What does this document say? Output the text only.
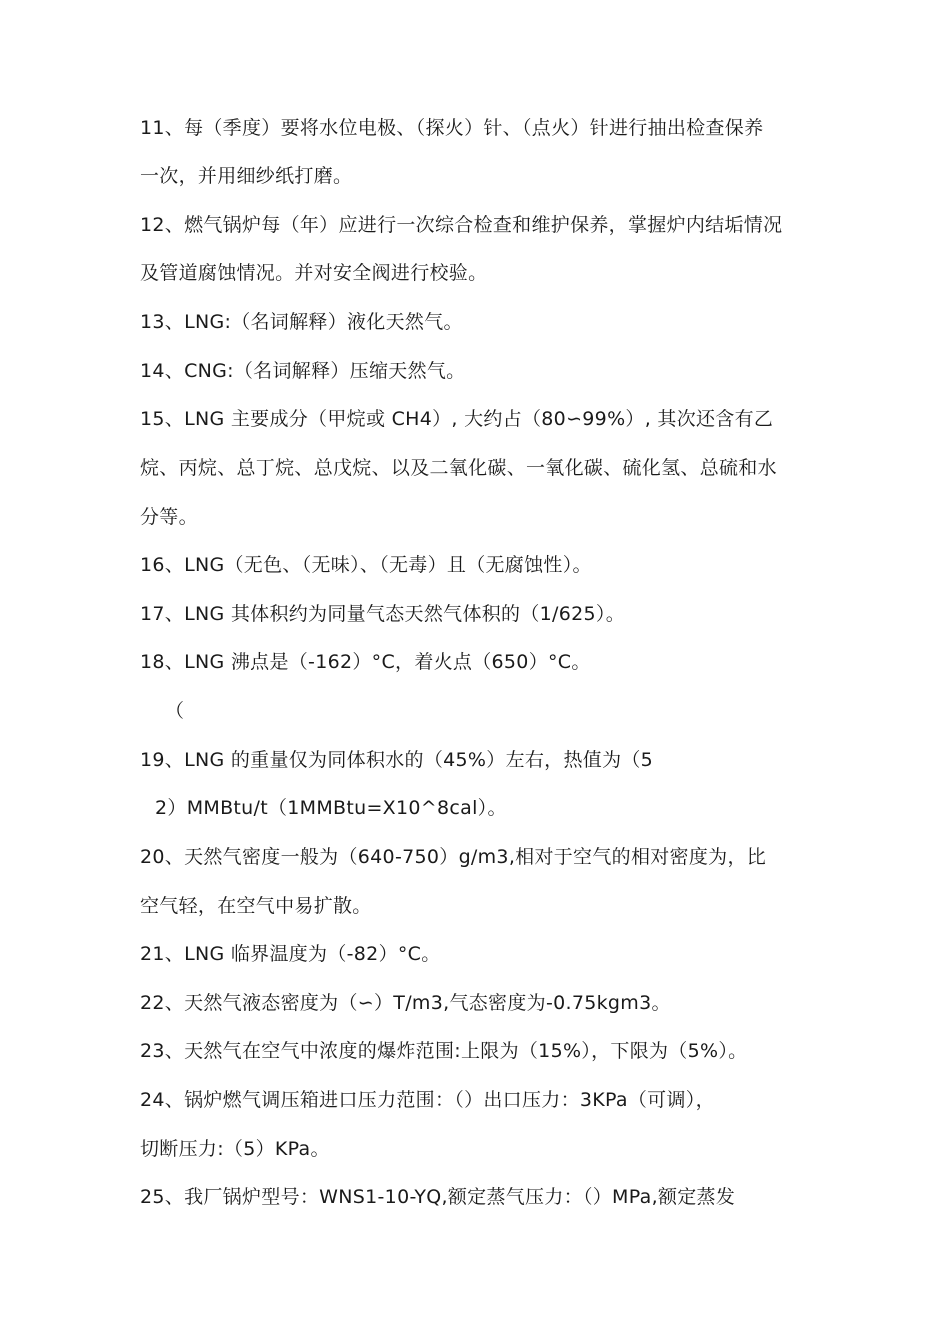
11、每（季度）要将水位电极、（探火）针、（点火）针进行抽出检查保养
一次，并用细纱纸打磨。
12、燃气锅炉每（年）应进行一次综合检查和维护保养，掌握炉内结垢情况
及管道腐蚀情况。并对安全阀进行校验。
13、LNG:（名词解释）液化天然气。
14、CNG:（名词解释）压缩天然气。
15、LNG 主要成分（甲烷或 CH4）, 大约占（80∽99%）, 其次还含有乙
烷、丙烷、总丁烷、总戊烷、以及二氧化碳、一氧化碳、硫化氢、总硫和水
分等。
16、LNG（无色、（无味）、（无毒）且（无腐蚀性）。
17、LNG 其体积约为同量气态天然气体积的（1/625）。
18、LNG 沸点是（-162）°C，着火点（650）°C。
（
19、LNG 的重量仅为同体积水的（45%）左右，热值为（5
2）MMBtu/t（1MMBtu=X10^8cal）。
20、天然气密度一般为（640-750）g/m3,相对于空气的相对密度为，比
空气轻，在空气中易扩散。
21、LNG 临界温度为（-82）°C。
22、天然气液态密度为（∽）T/m3,气态密度为-0.75kgm3。
23、天然气在空气中浓度的爆炸范围:上限为（15%），下限为（5%）。
24、锅炉燃气调压箱进口压力范围：（）出口压力：3KPa（可调），
切断压力:（5）KPa。
25、我厂锅炉型号：WNS1-10-YQ,额定蒸气压力：（）MPa,额定蒸发
